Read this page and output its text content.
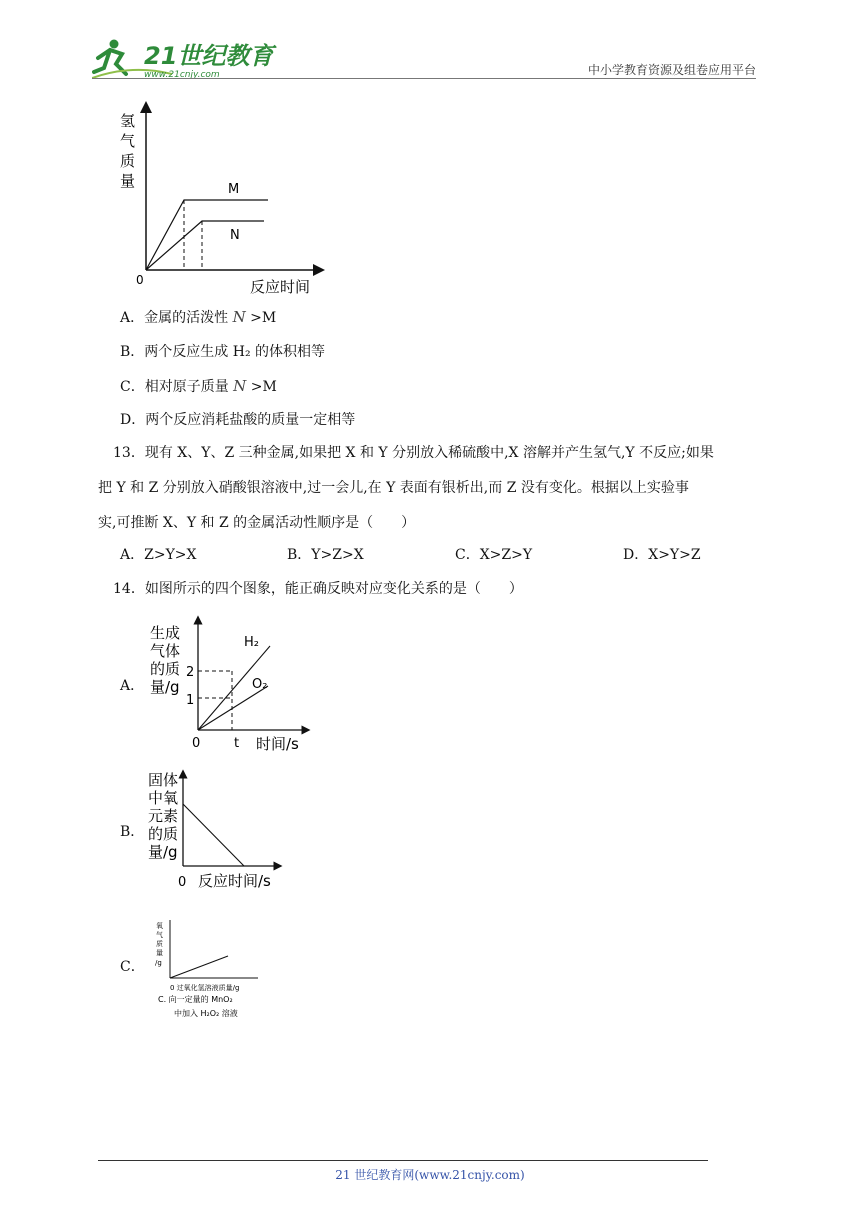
21世纪教育
www.21cnjy.com	中小学教育资源及组卷应用平台
氢
气
质
量
0	反应时间
M
N
A．金属的活泼性 N >M
B．两个反应生成 H₂ 的体积相等
C．相对原子质量 N >M
D．两个反应消耗盐酸的质量一定相等
13．现有 X、Y、Z 三种金属,如果把 X 和 Y 分别放入稀硫酸中,X 溶解并产生氢气,Y 不反应;如果
把 Y 和 Z 分别放入硝酸银溶液中,过一会儿,在 Y 表面有银析出,而 Z 没有变化。根据以上实验事
实,可推断 X、Y 和 Z 的金属活动性顺序是（　　）
A．Z>Y>X	B．Y>Z>X	C．X>Z>Y	D．X>Y>Z
14．如图所示的四个图象，能正确反映对应变化关系的是（　　）
A．
生成
气体
的质
量/g
2
1
0	t 时间/s
H₂
O₂
B．
固体
中氧
元素
的质
量/g
0 反应时间/s
C．
氧
气
质
量
/g
0 过氧化氢溶液质量/g
C. 向一定量的 MnO₂
中加入 H₂O₂ 溶液
21 世纪教育网(www.21cnjy.com)
